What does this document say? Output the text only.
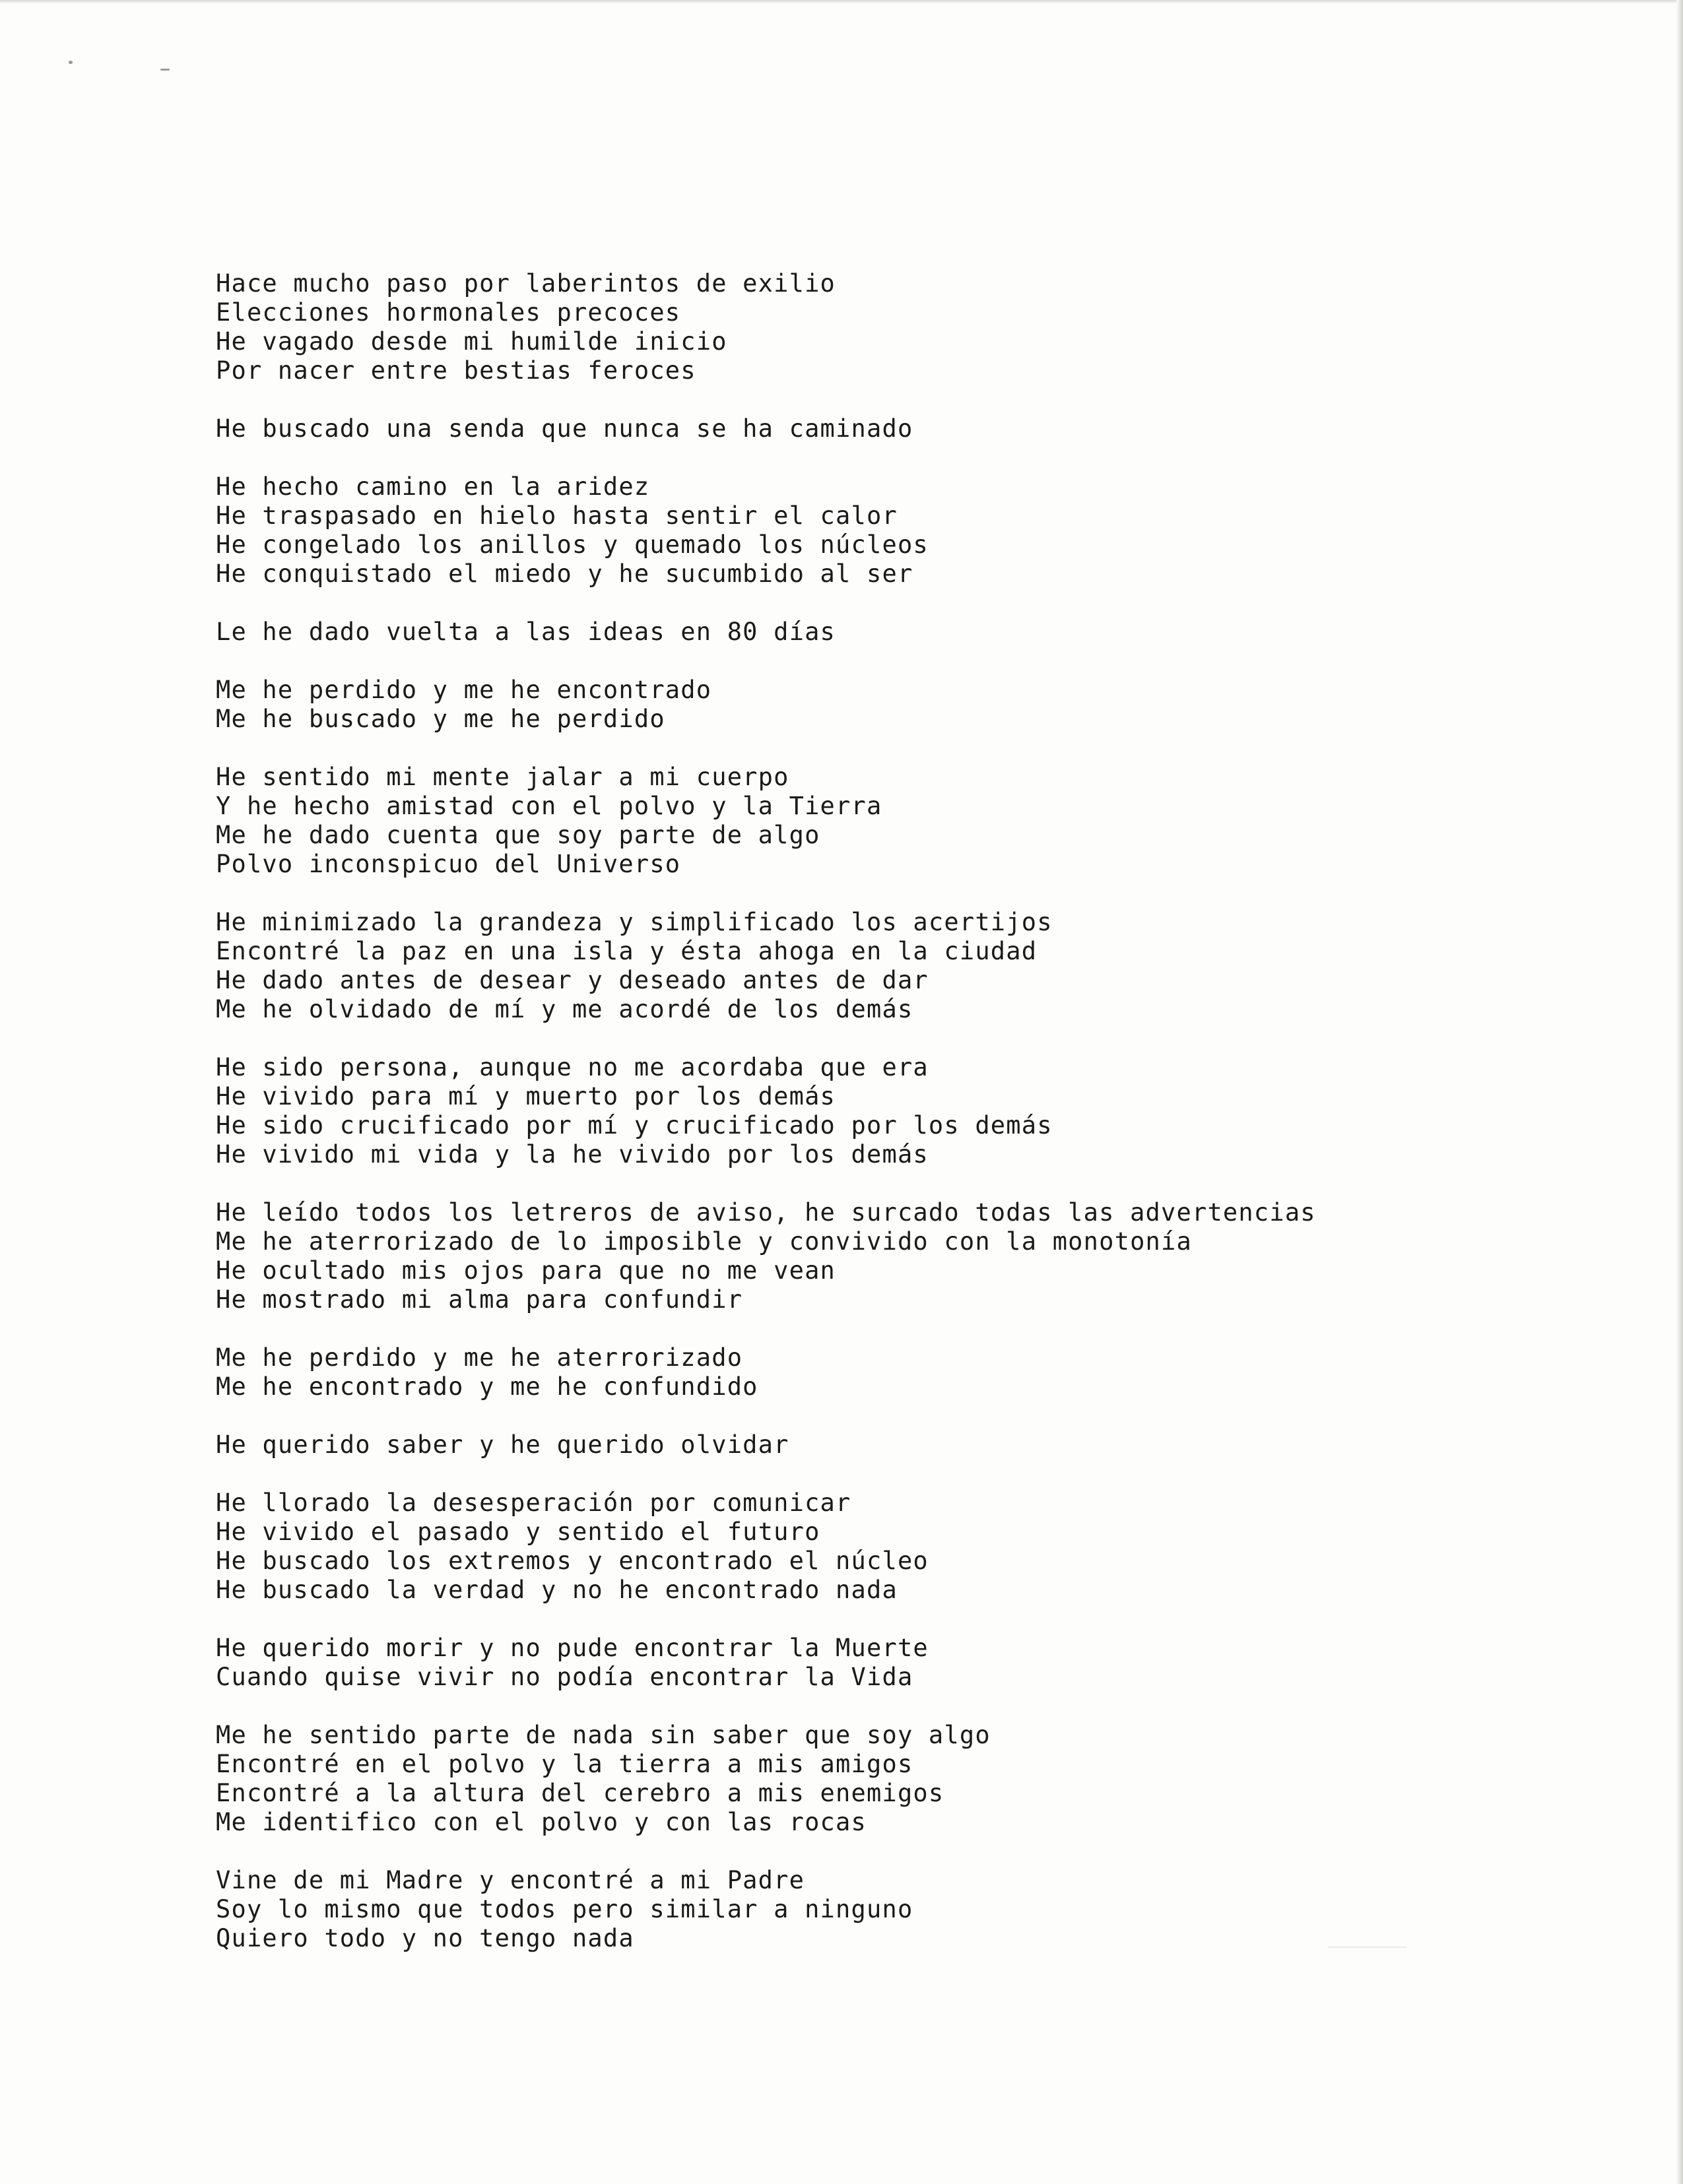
Hace mucho paso por laberintos de exilio
Elecciones hormonales precoces
He vagado desde mi humilde inicio
Por nacer entre bestias feroces
He buscado una senda que nunca se ha caminado
He hecho camino en la aridez
He traspasado en hielo hasta sentir el calor
He congelado los anillos y quemado los núcleos
He conquistado el miedo y he sucumbido al ser
Le he dado vuelta a las ideas en 80 días
Me he perdido y me he encontrado
Me he buscado y me he perdido
He sentido mi mente jalar a mi cuerpo
Y he hecho amistad con el polvo y la Tierra
Me he dado cuenta que soy parte de algo
Polvo inconspicuo del Universo
He minimizado la grandeza y simplificado los acertijos
Encontré la paz en una isla y ésta ahoga en la ciudad
He dado antes de desear y deseado antes de dar
Me he olvidado de mí y me acordé de los demás
He sido persona, aunque no me acordaba que era
He vivido para mí y muerto por los demás
He sido crucificado por mí y crucificado por los demás
He vivido mi vida y la he vivido por los demás
He leído todos los letreros de aviso, he surcado todas las advertencias
Me he aterrorizado de lo imposible y convivido con la monotonía
He ocultado mis ojos para que no me vean
He mostrado mi alma para confundir
Me he perdido y me he aterrorizado
Me he encontrado y me he confundido
He querido saber y he querido olvidar
He llorado la desesperación por comunicar
He vivido el pasado y sentido el futuro
He buscado los extremos y encontrado el núcleo
He buscado la verdad y no he encontrado nada
He querido morir y no pude encontrar la Muerte
Cuando quise vivir no podía encontrar la Vida
Me he sentido parte de nada sin saber que soy algo
Encontré en el polvo y la tierra a mis amigos
Encontré a la altura del cerebro a mis enemigos
Me identifico con el polvo y con las rocas
Vine de mi Madre y encontré a mi Padre
Soy lo mismo que todos pero similar a ninguno
Quiero todo y no tengo nada
